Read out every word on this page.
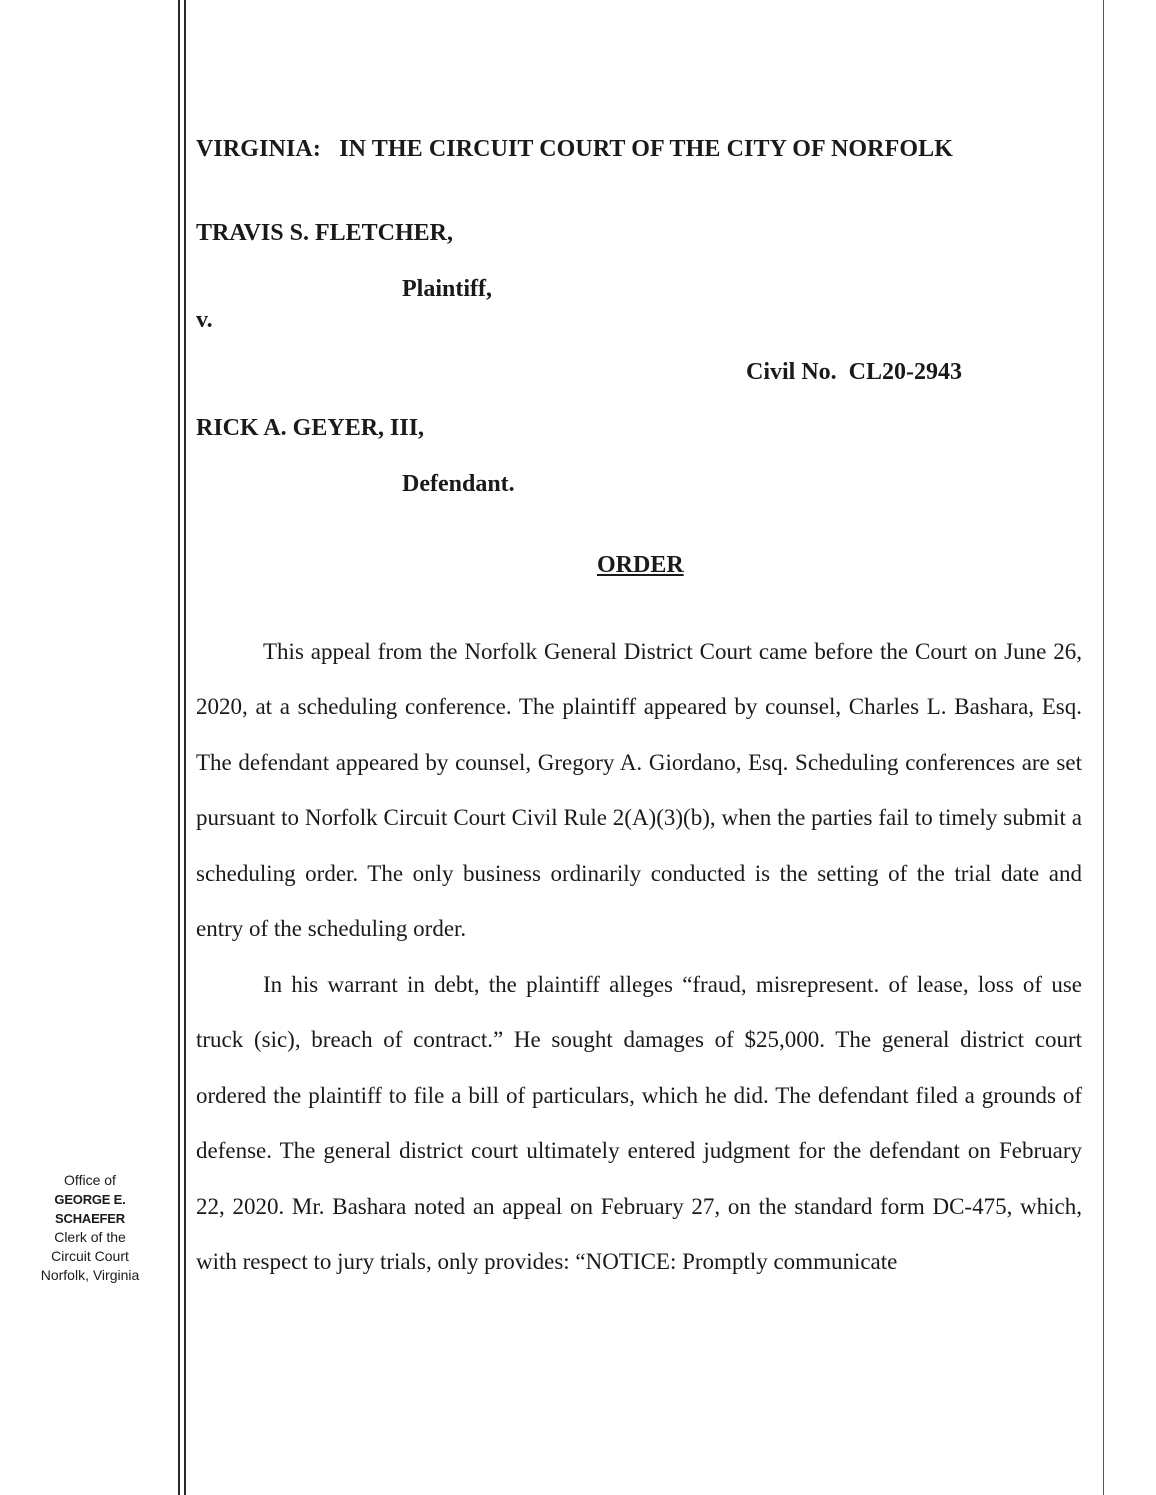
Office of
GEORGE E. SCHAEFER
Clerk of the
Circuit Court
Norfolk, Virginia
VIRGINIA:   IN THE CIRCUIT COURT OF THE CITY OF NORFOLK
TRAVIS S. FLETCHER,
Plaintiff,
v.
Civil No.  CL20-2943
RICK A. GEYER, III,
Defendant.
ORDER

This appeal from the Norfolk General District Court came before the Court on June 26, 2020, at a scheduling conference. The plaintiff appeared by counsel, Charles L. Bashara, Esq. The defendant appeared by counsel, Gregory A. Giordano, Esq. Scheduling conferences are set pursuant to Norfolk Circuit Court Civil Rule 2(A)(3)(b), when the parties fail to timely submit a scheduling order. The only business ordinarily conducted is the setting of the trial date and entry of the scheduling order.

In his warrant in debt, the plaintiff alleges “fraud, misrepresent. of lease, loss of use truck (sic), breach of contract.” He sought damages of $25,000. The general district court ordered the plaintiff to file a bill of particulars, which he did. The defendant filed a grounds of defense. The general district court ultimately entered judgment for the defendant on February 22, 2020. Mr. Bashara noted an appeal on February 27, on the standard form DC-475, which, with respect to jury trials, only provides: “NOTICE: Promptly communicate
